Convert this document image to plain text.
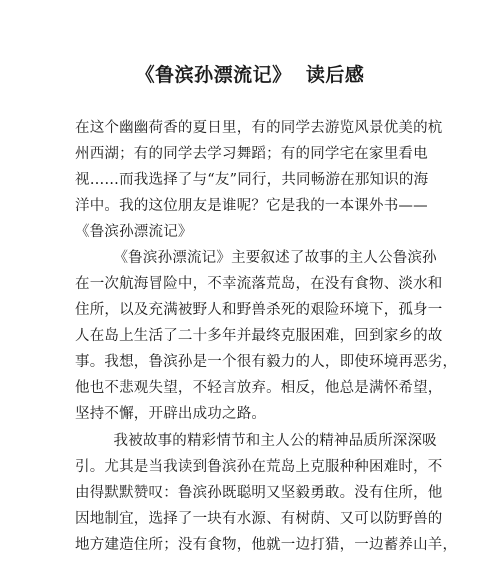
《鲁滨孙漂流记》  读后感
在这个幽幽荷香的夏日里，有的同学去游览风景优美的杭
州西湖；有的同学去学习舞蹈；有的同学宅在家里看电
视……而我选择了与“友”同行，共同畅游在那知识的海
洋中。我的这位朋友是谁呢？它是我的一本课外书——
《鲁滨孙漂流记》
《鲁滨孙漂流记》主要叙述了故事的主人公鲁滨孙
在一次航海冒险中，不幸流落荒岛，在没有食物、淡水和
住所，以及充满被野人和野兽杀死的艰险环境下，孤身一
人在岛上生活了二十多年并最终克服困难，回到家乡的故
事。我想，鲁滨孙是一个很有毅力的人，即使环境再恶劣，
他也不悲观失望，不轻言放弃。相反，他总是满怀希望，
坚持不懈，开辟出成功之路。
我被故事的精彩情节和主人公的精神品质所深深吸
引。尤其是当我读到鲁滨孙在荒岛上克服种种困难时，不
由得默默赞叹：鲁滨孙既聪明又坚毅勇敢。没有住所，他
因地制宜，选择了一块有水源、有树荫、又可以防野兽的
地方建造住所；没有食物，他就一边打猎，一边蓄养山羊，
